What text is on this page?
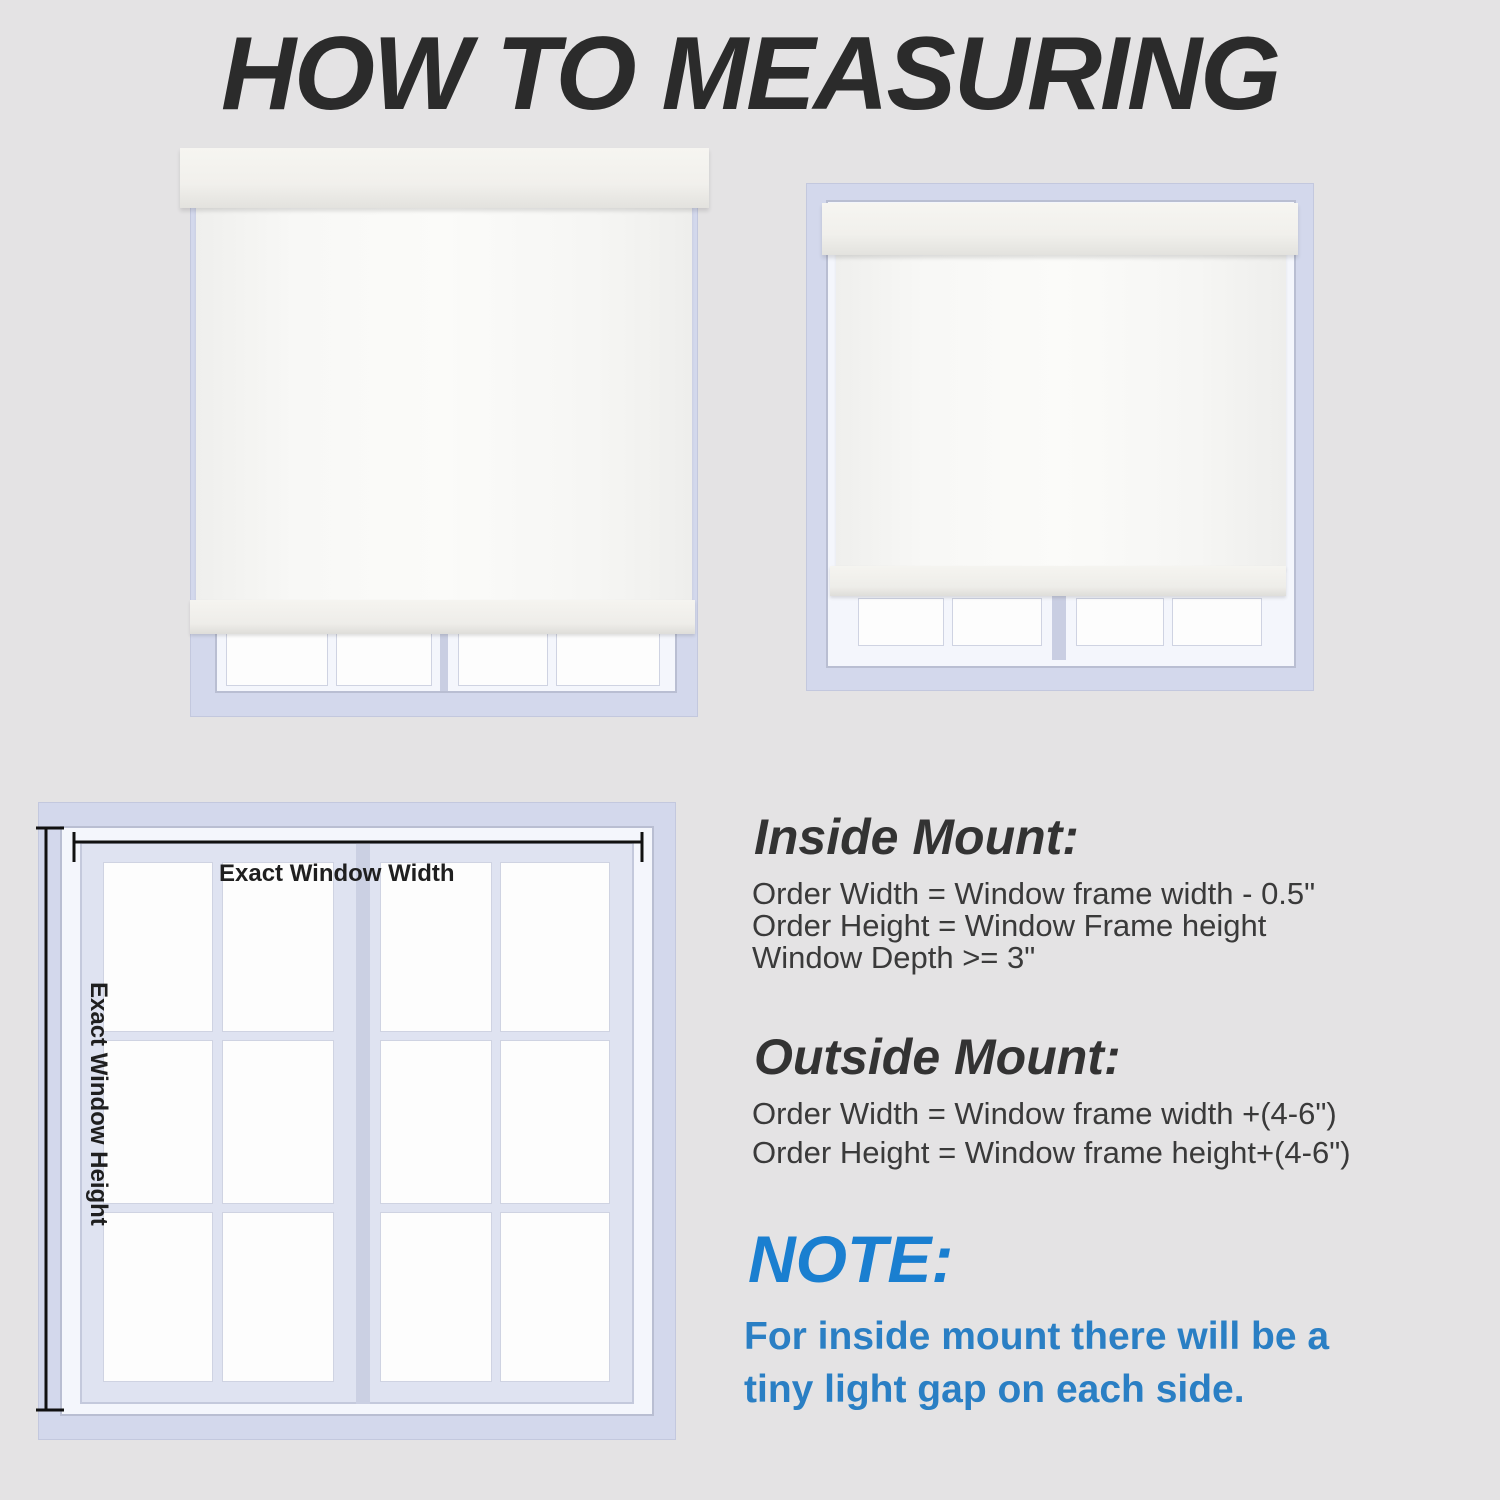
HOW TO MEASURING
Exact Window Width
Exact Window Height
Inside Mount:
Order Width = Window frame width - 0.5"
Order Height = Window Frame height
Window Depth >= 3"
Outside Mount:
Order Width = Window frame width +(4-6")
Order Height = Window frame height+(4-6")
NOTE:
For inside mount there will be a
tiny light gap on each side.
